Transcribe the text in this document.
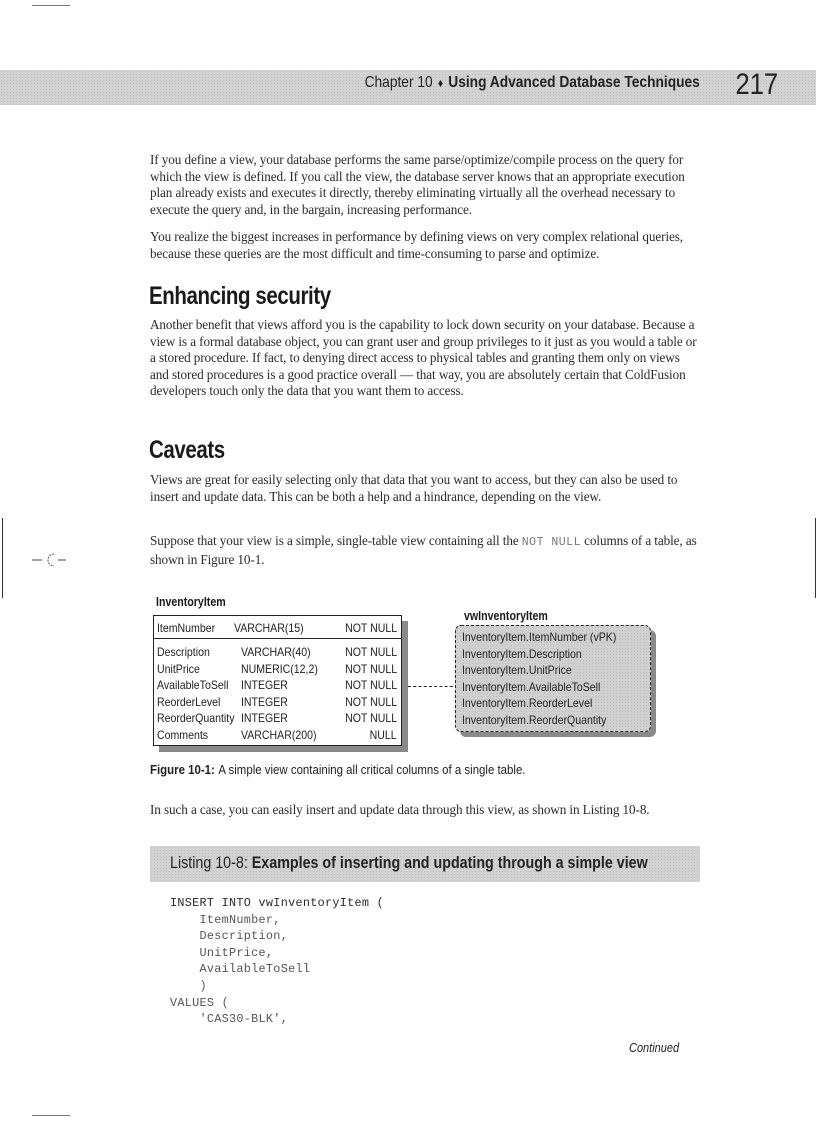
Chapter 10 ♦ Using Advanced Database Techniques 217

If you define a view, your database performs the same parse/optimize/compile process on the query for which the view is defined. If you call the view, the database server knows that an appropriate execution plan already exists and executes it directly, thereby eliminating virtually all the overhead necessary to execute the query and, in the bargain, increasing performance.

You realize the biggest increases in performance by defining views on very complex relational queries, because these queries are the most difficult and time-consuming to parse and optimize.

Enhancing security

Another benefit that views afford you is the capability to lock down security on your database. Because a view is a formal database object, you can grant user and group privileges to it just as you would a table or a stored procedure. If fact, to denying direct access to physical tables and granting them only on views and stored procedures is a good practice overall — that way, you are absolutely certain that ColdFusion developers touch only the data that you want them to access.

Caveats

Views are great for easily selecting only that data that you want to access, but they can also be used to insert and update data. This can be both a help and a hindrance, depending on the view.

Suppose that your view is a simple, single-table view containing all the NOT NULL columns of a table, as shown in Figure 10-1.

InventoryItem
ItemNumber VARCHAR(15)	NOT NULL
Description	VARCHAR(40)	NOT NULL
UnitPrice	NUMERIC(12,2) NOT NULL
AvailableToSell INTEGER	NOT NULL
ReorderLevel INTEGER	NOT NULL
ReorderQuantity INTEGER	NOT NULL
Comments	VARCHAR(200)	NULL
vwInventoryItem
InventoryItem.ItemNumber (vPK)
InventoryItem.Description
InventoryItem.UnitPrice
InventoryItem.AvailableToSell
InventoryItem.ReorderLevel
InventoryItem.ReorderQuantity
Figure 10-1: A simple view containing all critical columns of a single table.

In such a case, you can easily insert and update data through this view, as shown in Listing 10-8.

Listing 10-8: Examples of inserting and updating through a simple view
INSERT INTO vwInventoryItem (
ItemNumber,
Description,
UnitPrice,
AvailableToSell
)
VALUES (
'CAS30-BLK',
Continued
